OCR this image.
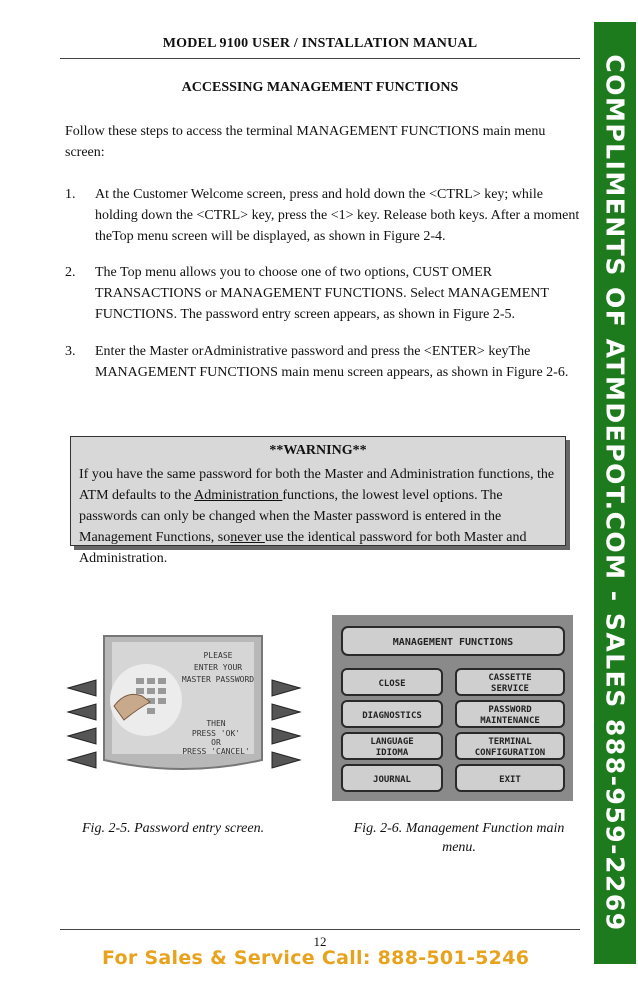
MODEL 9100 USER / INSTALLATION MANUAL
ACCESSING MANAGEMENT FUNCTIONS
Follow these steps to access the terminal MANAGEMENT FUNCTIONS main menu screen:
1. At the Customer Welcome screen, press and hold down the <CTRL> key; while holding down the <CTRL> key, press the <1> key. Release both keys. After a moment theTop menu screen will be displayed, as shown in Figure 2-4.
2. The Top menu allows you to choose one of two options, CUST OMER TRANSACTIONS or MANAGEMENT FUNCTIONS. Select MANAGEMENT FUNCTIONS. The password entry screen appears, as shown in Figure 2-5.
3. Enter the Master orAdministrative password and press the <ENTER> keyThe MANAGEMENT FUNCTIONS main menu screen appears, as shown in Figure 2-6.
**WARNING**
If you have the same password for both the Master and Administration functions, the ATM defaults to the Administration functions, the lowest level options. The passwords can only be changed when the Master password is entered in the Management Functions, sonever use the identical password for both Master and Administration.
PLEASE
ENTER YOUR
MASTER PASSWORD
THEN
PRESS 'OK'
OR
PRESS 'CANCEL'
MANAGEMENT FUNCTIONS
CLOSE
CASSETTE
SERVICE
DIAGNOSTICS
PASSWORD
MAINTENANCE
LANGUAGE
IDIOMA
TERMINAL
CONFIGURATION
JOURNAL	EXIT
Fig. 2-5. Password entry screen.	Fig. 2-6. Management Function main menu.
12
For Sales & Service Call: 888-501-5246
COMPLIMENTS OF ATMDEPOT.COM - SALES 888-959-2269
